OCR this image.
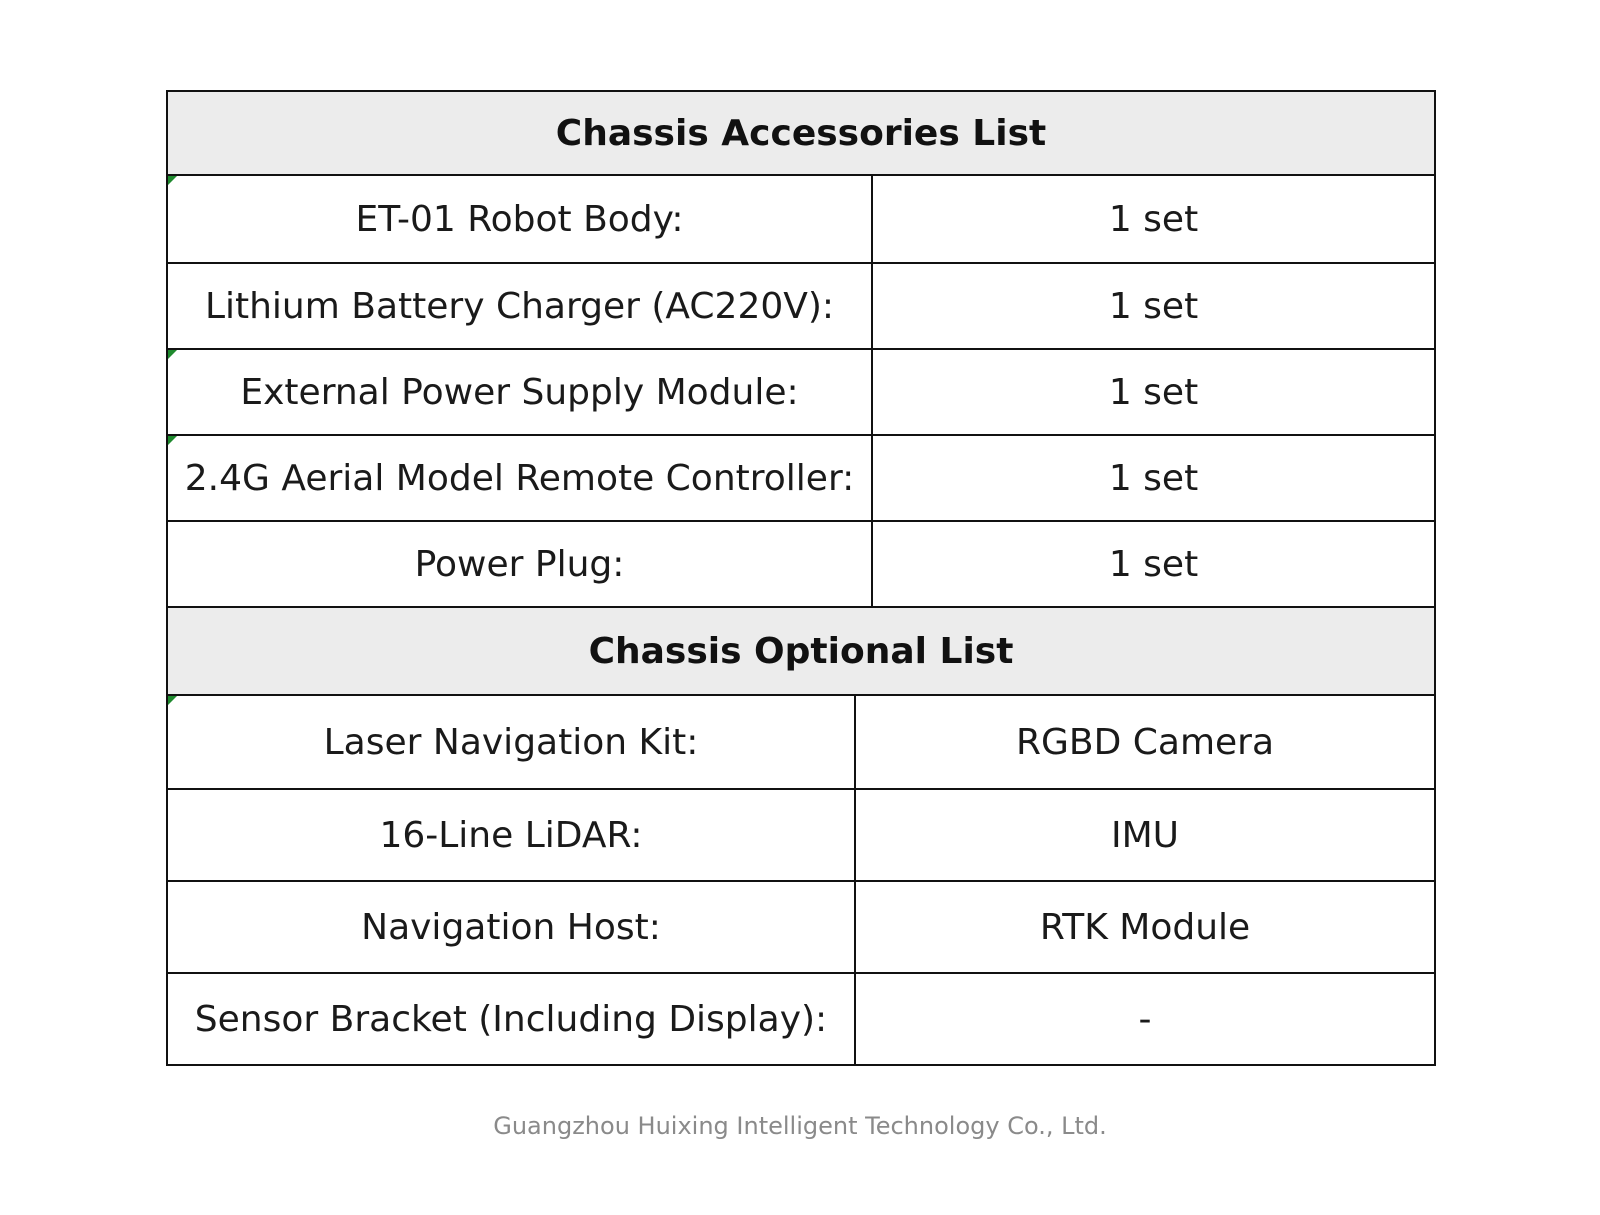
Chassis Accessories List
ET-01 Robot Body:	1 set
Lithium Battery Charger (AC220V):	1 set
External Power Supply Module:	1 set
2.4G Aerial Model Remote Controller:	1 set
Power Plug:	1 set
Chassis Optional List
Laser Navigation Kit:	RGBD Camera
16-Line LiDAR:	IMU
Navigation Host:	RTK Module
Sensor Bracket (Including Display):	-
Guangzhou Huixing Intelligent Technology Co., Ltd.
